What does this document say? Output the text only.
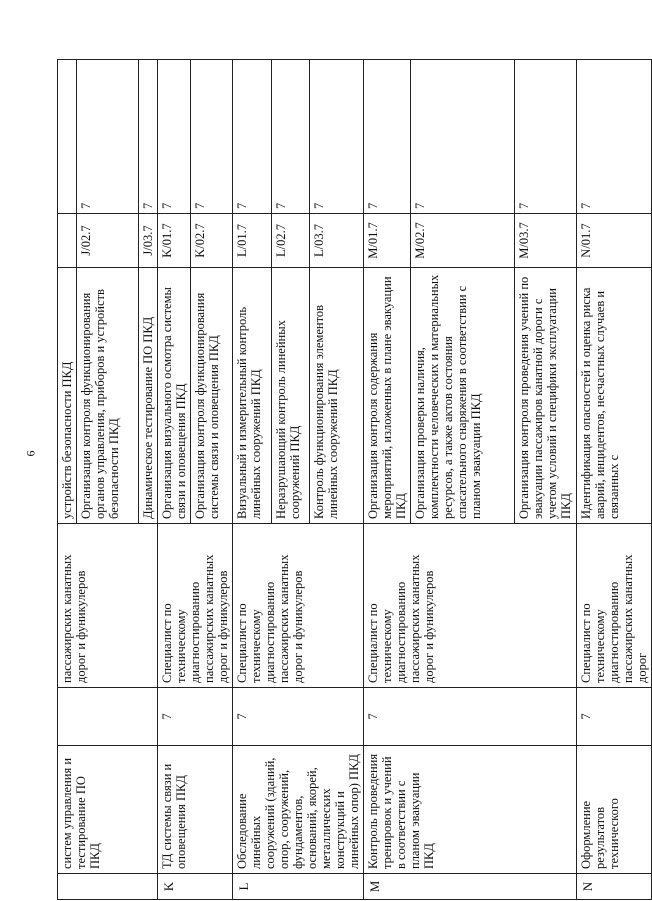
6
	систем управления и тестирование ПО ПКД		пассажирских канатных дорог и фуникулеров	устройств безопасности ПКД		
				Организация контроля функционирования органов управления, приборов и устройств безопасности ПКД	J/02.7	7
				Динамическое тестирование ПО ПКД	J/03.7	7
K	ТД системы связи и оповещения ПКД	7	Специалист по техническому диагностированию пассажирских канатных дорог и фуникулеров	Организация визуального осмотра системы связи и оповещения ПКД	K/01.7	7
				Организация контроля функционирования системы связи и оповещения ПКД	K/02.7	7
L	Обследование линейных сооружений (зданий, опор, сооружений, фундаментов, оснований, якорей, металлических конструкций и линейных опор) ПКД	7	Специалист по техническому диагностированию пассажирских канатных дорог и фуникулеров	Визуальный и измерительный контроль линейных сооружений ПКД	L/01.7	7
				Неразрушающий контроль линейных сооружений ПКД	L/02.7	7
				Контроль функционирования элементов линейных сооружений ПКД	L/03.7	7
M	Контроль проведения тренировок и учений в соответствии с планом эвакуации ПКД	7	Специалист по техническому диагностированию пассажирских канатных дорог и фуникулеров	Организация контроля содержания мероприятий, изложенных в плане эвакуации ПКД	M/01.7	7
				Организация проверки наличия, комплектности человеческих и материальных ресурсов, а также актов состояния спасательного снаряжения в соответствии с планом эвакуации ПКД	M/02.7	7
				Организация контроля проведения учений по эвакуации пассажиров канатной дороги с учетом условий и специфики эксплуатации ПКД	M/03.7	7
N	Оформление результатов технического	7	Специалист по техническому диагностированию пассажирских канатных дорог	Идентификация опасностей и оценка риска аварий, инцидентов, несчастных случаев и связанных с	N/01.7	7
